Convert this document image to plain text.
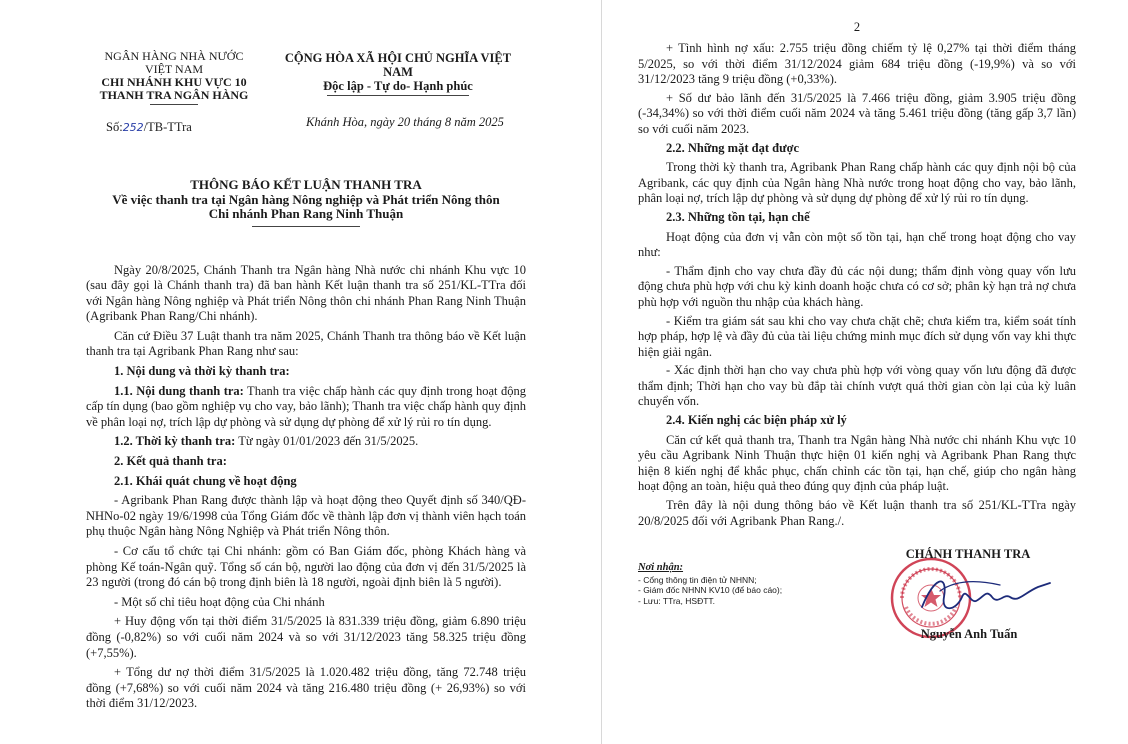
NGÂN HÀNG NHÀ NƯỚC
VIỆT NAM
CHI NHÁNH KHU VỰC 10
THANH TRA NGÂN HÀNG
CỘNG HÒA XÃ HỘI CHỦ NGHĨA VIỆT NAM
Độc lập - Tự do- Hạnh phúc
Số:252/TB-TTra	Khánh Hòa, ngày 20 tháng 8 năm 2025
THÔNG BÁO KẾT LUẬN THANH TRA
Về việc thanh tra tại Ngân hàng Nông nghiệp và Phát triển Nông thôn
Chi nhánh Phan Rang Ninh Thuận

Ngày 20/8/2025, Chánh Thanh tra Ngân hàng Nhà nước chi nhánh Khu vực 10 (sau đây gọi là Chánh thanh tra) đã ban hành Kết luận thanh tra số 251/KL-TTra đối với Ngân hàng Nông nghiệp và Phát triển Nông thôn chi nhánh Phan Rang Ninh Thuận (Agribank Phan Rang/Chi nhánh).

Căn cứ Điều 37 Luật thanh tra năm 2025, Chánh Thanh tra thông báo về Kết luận thanh tra tại Agribank Phan Rang như sau:

1. Nội dung và thời kỳ thanh tra:

1.1. Nội dung thanh tra: Thanh tra việc chấp hành các quy định trong hoạt động cấp tín dụng (bao gồm nghiệp vụ cho vay, bảo lãnh); Thanh tra việc chấp hành quy định về phân loại nợ, trích lập dự phòng và sử dụng dự phòng để xử lý rủi ro tín dụng.

1.2. Thời kỳ thanh tra: Từ ngày 01/01/2023 đến 31/5/2025.

2. Kết quả thanh tra:

2.1. Khái quát chung về hoạt động

- Agribank Phan Rang được thành lập và hoạt động theo Quyết định số 340/QĐ-NHNo-02 ngày 19/6/1998 của Tổng Giám đốc về thành lập đơn vị thành viên hạch toán phụ thuộc Ngân hàng Nông Nghiệp và Phát triển Nông thôn.

- Cơ cấu tổ chức tại Chi nhánh: gồm có Ban Giám đốc, phòng Khách hàng và phòng Kế toán-Ngân quỹ. Tổng số cán bộ, người lao động của đơn vị đến 31/5/2025 là 23 người (trong đó cán bộ trong định biên là 18 người, ngoài định biên là 5 người).

- Một số chỉ tiêu hoạt động của Chi nhánh

+ Huy động vốn tại thời điểm 31/5/2025 là 831.339 triệu đồng, giảm 6.890 triệu đồng (-0,82%) so với cuối năm 2024 và so với 31/12/2023 tăng 58.325 triệu đồng (+7,55%).

+ Tổng dư nợ thời điểm 31/5/2025 là 1.020.482 triệu đồng, tăng 72.748 triệu đồng (+7,68%) so với cuối năm 2024 và tăng 216.480 triệu đồng (+ 26,93%) so với thời điểm 31/12/2023.

2

+ Tình hình nợ xấu: 2.755 triệu đồng chiếm tỷ lệ 0,27% tại thời điểm tháng 5/2025, so với thời điểm 31/12/2024 giảm 684 triệu đồng (-19,9%) và so với 31/12/2023 tăng 9 triệu đồng (+0,33%).

+ Số dư bảo lãnh đến 31/5/2025 là 7.466 triệu đồng, giảm 3.905 triệu đồng (-34,34%) so với thời điểm cuối năm 2024 và tăng 5.461 triệu đồng (tăng gấp 3,7 lần) so với cuối năm 2023.

2.2. Những mặt đạt được

Trong thời kỳ thanh tra, Agribank Phan Rang chấp hành các quy định nội bộ của Agribank, các quy định của Ngân hàng Nhà nước trong hoạt động cho vay, bảo lãnh, phân loại nợ, trích lập dự phòng và sử dụng dự phòng để xử lý rủi ro tín dụng.

2.3. Những tồn tại, hạn chế

Hoạt động của đơn vị vẫn còn một số tồn tại, hạn chế trong hoạt động cho vay như:

- Thẩm định cho vay chưa đầy đủ các nội dung; thẩm định vòng quay vốn lưu động chưa phù hợp với chu kỳ kinh doanh hoặc chưa có cơ sở; phân kỳ hạn trả nợ chưa phù hợp với nguồn thu nhập của khách hàng.

- Kiểm tra giám sát sau khi cho vay chưa chặt chẽ; chưa kiểm tra, kiểm soát tính hợp pháp, hợp lệ và đầy đủ của tài liệu chứng minh mục đích sử dụng vốn vay khi thực hiện giải ngân.

- Xác định thời hạn cho vay chưa phù hợp với vòng quay vốn lưu động đã được thẩm định; Thời hạn cho vay bù đắp tài chính vượt quá thời gian còn lại của kỳ luân chuyển vốn.

2.4. Kiến nghị các biện pháp xử lý

Căn cứ kết quả thanh tra, Thanh tra Ngân hàng Nhà nước chi nhánh Khu vực 10 yêu cầu Agribank Ninh Thuận thực hiện 01 kiến nghị và Agribank Phan Rang thực hiện 8 kiến nghị để khắc phục, chấn chỉnh các tồn tại, hạn chế, giúp cho ngân hàng hoạt động an toàn, hiệu quả theo đúng quy định của pháp luật.

Trên đây là nội dung thông báo về Kết luận thanh tra số 251/KL-TTra ngày 20/8/2025 đối với Agribank Phan Rang./.

Nơi nhận:
- Cổng thông tin điện tử NHNN;
- Giám đốc NHNN KV10 (để báo cáo);
- Lưu: TTra, HSĐTT.
CHÁNH THANH TRA
Nguyễn Anh Tuấn
